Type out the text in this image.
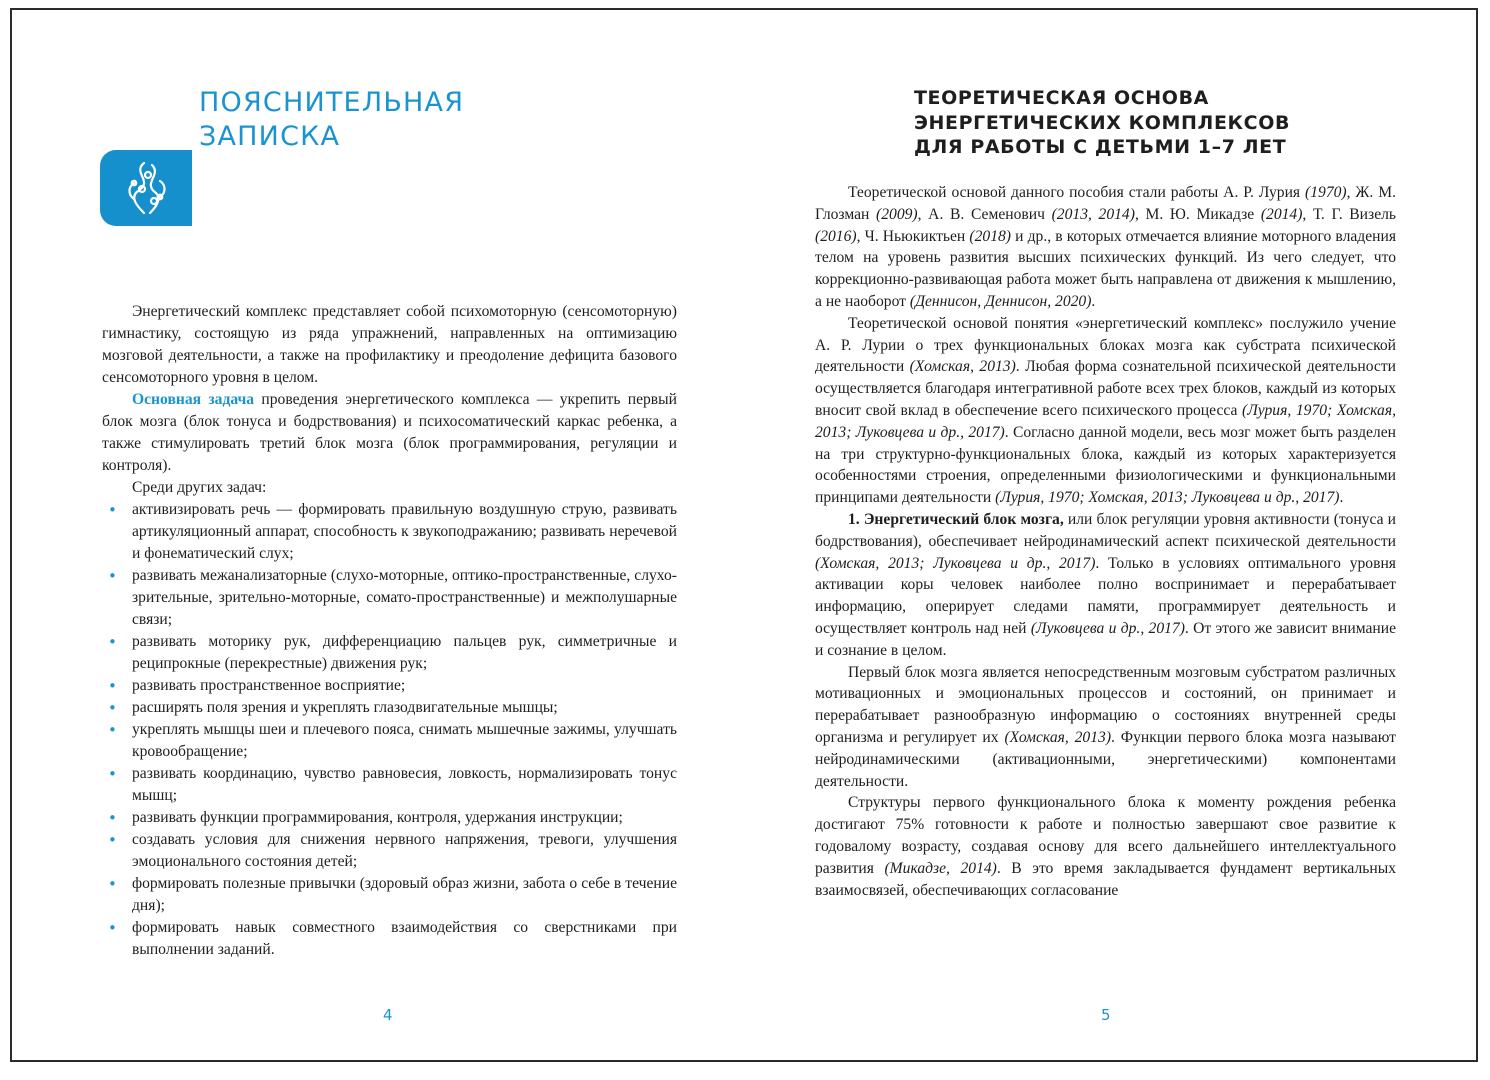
ПОЯСНИТЕЛЬНАЯ
ЗАПИСКА

Энергетический комплекс представляет собой психомоторную (сенсомоторную) гимнастику, состоящую из ряда упражнений, направленных на оптимизацию мозговой деятельности, а также на профилактику и преодоление дефицита базового сенсомоторного уровня в целом.

Основная задача проведения энергетического комплекса — укрепить первый блок мозга (блок тонуса и бодрствования) и психосоматический каркас ребенка, а также стимулировать третий блок мозга (блок программирования, регуляции и контроля).

Среди других задач:

• активизировать речь — формировать правильную воздушную струю, развивать артикуляционный аппарат, способность к звукоподражанию; развивать неречевой и фонематический слух;
• развивать межанализаторные (слухо-моторные, оптико-пространственные, слухо-зрительные, зрительно-моторные, сомато-пространственные) и межполушарные связи;
• развивать моторику рук, дифференциацию пальцев рук, симметричные и реципрокные (перекрестные) движения рук;
• развивать пространственное восприятие;
• расширять поля зрения и укреплять глазодвигательные мышцы;
• укреплять мышцы шеи и плечевого пояса, снимать мышечные зажимы, улучшать кровообращение;
• развивать координацию, чувство равновесия, ловкость, нормализировать тонус мышц;
• развивать функции программирования, контроля, удержания инструкции;
• создавать условия для снижения нервного напряжения, тревоги, улучшения эмоционального состояния детей;
• формировать полезные привычки (здоровый образ жизни, забота о себе в течение дня);
• формировать навык совместного взаимодействия со сверстниками при выполнении заданий.
4
ТЕОРЕТИЧЕСКАЯ ОСНОВА
ЭНЕРГЕТИЧЕСКИХ КОМПЛЕКСОВ
ДЛЯ РАБОТЫ С ДЕТЬМИ 1–7 ЛЕТ

Теоретической основой данного пособия стали работы А. Р. Лурия (1970), Ж. М. Глозман (2009), А. В. Семенович (2013, 2014), М. Ю. Микадзе (2014), Т. Г. Визель (2016), Ч. Ньюкиктьен (2018) и др., в которых отмечается влияние моторного владения телом на уровень развития высших психических функций. Из чего следует, что коррекционно-развивающая работа может быть направлена от движения к мышлению, а не наоборот (Деннисон, Деннисон, 2020).

Теоретической основой понятия «энергетический комплекс» послужило учение А. Р. Лурии о трех функциональных блоках мозга как субстрата психической деятельности (Хомская, 2013). Любая форма сознательной психической деятельности осуществляется благодаря интегративной работе всех трех блоков, каждый из которых вносит свой вклад в обеспечение всего психического процесса (Лурия, 1970; Хомская, 2013; Луковцева и др., 2017). Согласно данной модели, весь мозг может быть разделен на три структурно-функциональных блока, каждый из которых характеризуется особенностями строения, определенными физиологическими и функциональными принципами деятельности (Лурия, 1970; Хомская, 2013; Луковцева и др., 2017).

1. Энергетический блок мозга, или блок регуляции уровня активности (тонуса и бодрствования), обеспечивает нейродинамический аспект психической деятельности (Хомская, 2013; Луковцева и др., 2017). Только в условиях оптимального уровня активации коры человек наиболее полно воспринимает и перерабатывает информацию, оперирует следами памяти, программирует деятельность и осуществляет контроль над ней (Луковцева и др., 2017). От этого же зависит внимание и сознание в целом.

Первый блок мозга является непосредственным мозговым субстратом различных мотивационных и эмоциональных процессов и состояний, он принимает и перерабатывает разнообразную информацию о состояниях внутренней среды организма и регулирует их (Хомская, 2013). Функции первого блока мозга называют нейродинамическими (активационными, энергетическими) компонентами деятельности.

Структуры первого функционального блока к моменту рождения ребенка достигают 75% готовности к работе и полностью завершают свое развитие к годовалому возрасту, создавая основу для всего дальнейшего интеллектуального развития (Микадзе, 2014). В это время закладывается фундамент вертикальных взаимосвязей, обеспечивающих согласование

5
